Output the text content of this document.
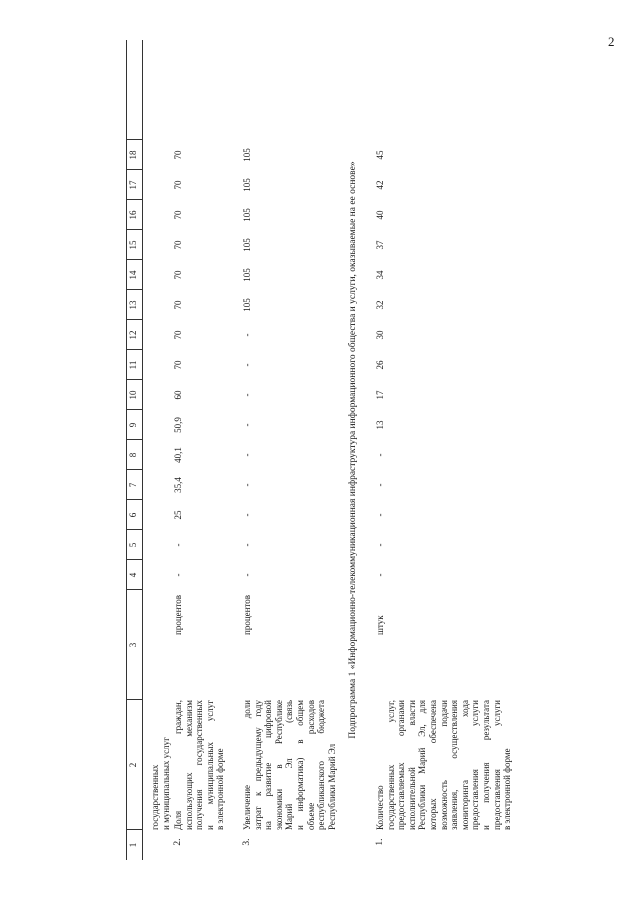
2
1
2
3
4
5
6
7
8
9
10
11
12
13
14
15
16
17
18
государственных и муниципальных услуг
2.
Доля граждан, использующих механизм получения государственных и муниципальных услуг в электронной форме
процентов
-
-
25
35,4
40,1
50,9
60
70
70
70
70
70
70
70
70
3.
Увеличение доли затрат к предыдущему году на развитие цифровой экономики в Республике Марий Эл (связь и информатика) в общем объеме расходов республиканского бюджета Республики Марий Эл
процентов
-
-
-
-
-
-
-
-
-
105
105
105
105
105
105
Подпрограмма 1 «Информационно-телекоммуникационная инфраструктура информационного общества и услуги, оказываемые на ее основе»
1.
Количество государственных услуг, предоставляемых органами исполнительной власти Республики Марий Эл, для которых обеспечена возможность подачи заявления, осуществления мониторинга хода предоставления услуги и получения результата предоставления услуги в электронной форме
штук
-
-
-
-
-
13
17
26
30
32
34
37
40
42
45
